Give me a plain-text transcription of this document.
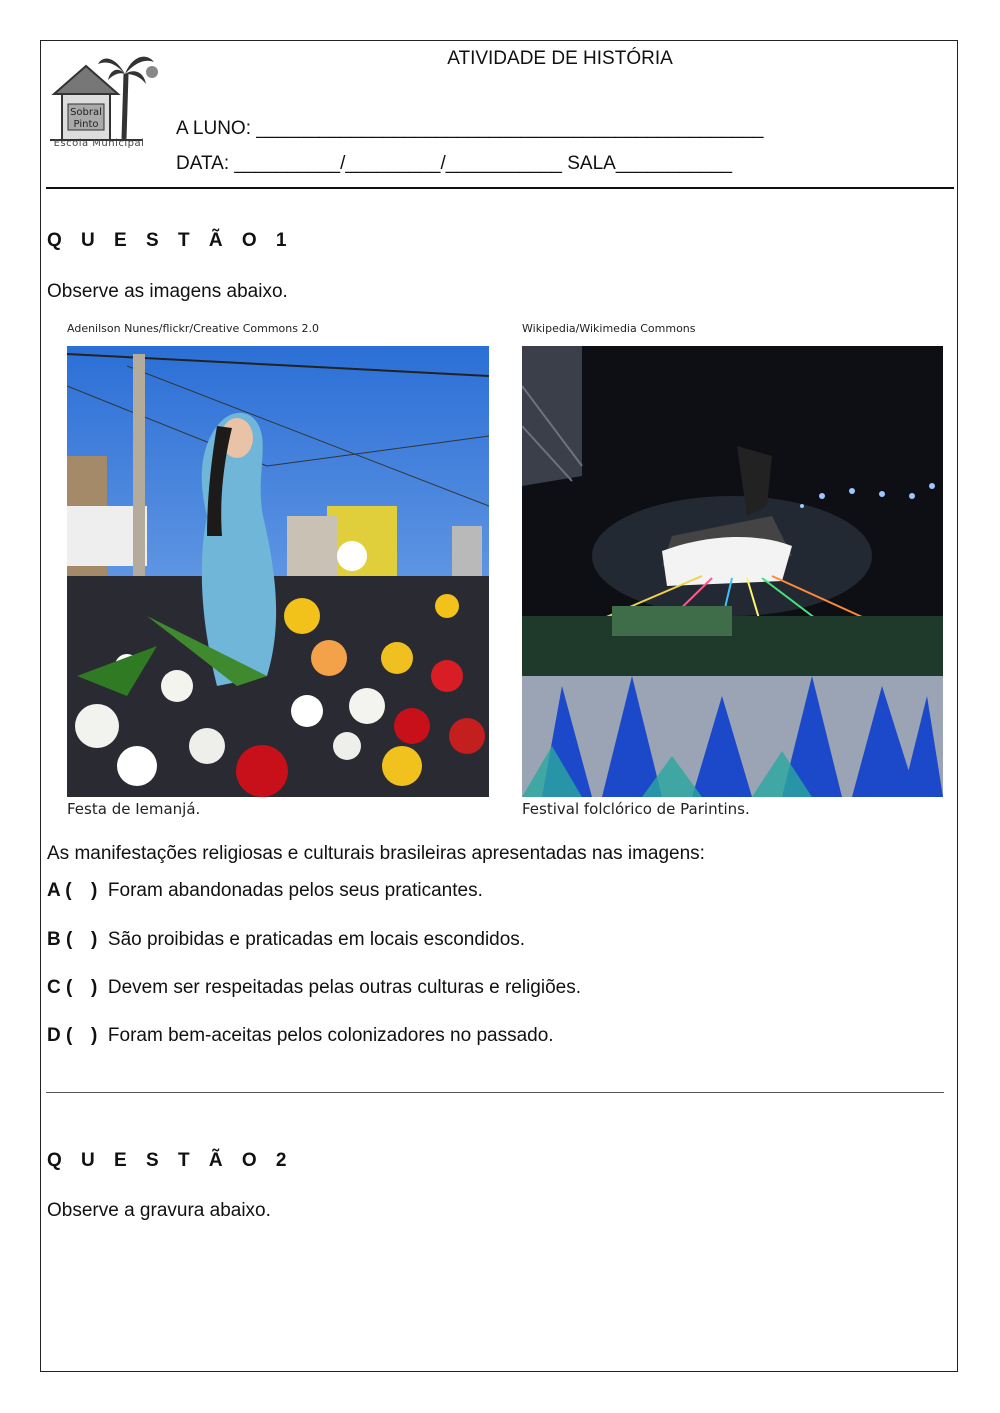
Sobral
Pinto
Escola Municipal
ATIVIDADE DE HISTÓRIA
A LUNO: ________________________________________________
DATA: __________/_________/___________ SALA___________
Q U E S T Ã O 1
Observe as imagens abaixo.
Adenilson Nunes/flickr/Creative Commons 2.0	Wikipedia/Wikimedia Commons
Festa de Iemanjá.	Festival folclórico de Parintins.
As manifestações religiosas e culturais brasileiras apresentadas nas imagens:
A ( ) Foram abandonadas pelos seus praticantes.
B ( ) São proibidas e praticadas em locais escondidos.
C ( ) Devem ser respeitadas pelas outras culturas e religiões.
D ( ) Foram bem-aceitas pelos colonizadores no passado.
Q U E S T Ã O 2
Observe a gravura abaixo.
